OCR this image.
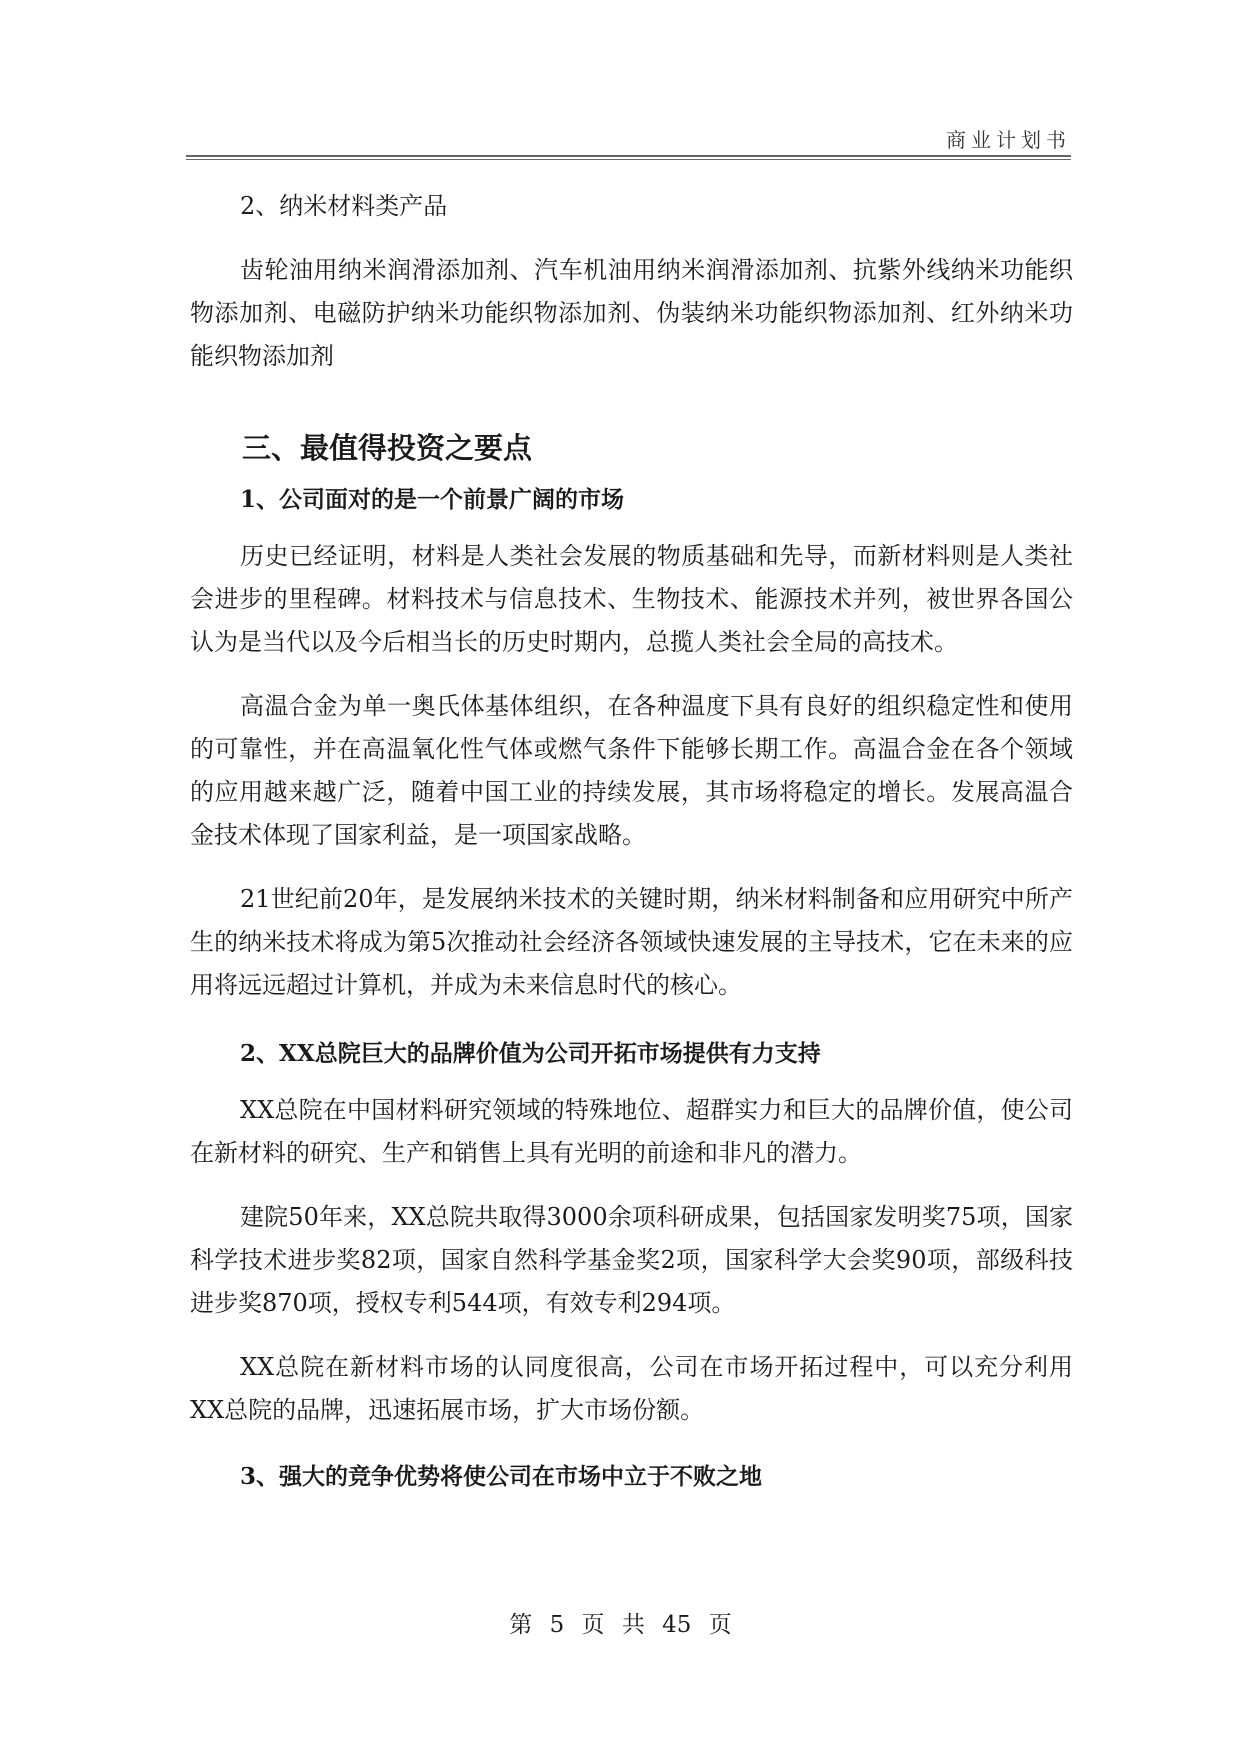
商业计划书

2、纳米材料类产品

齿轮油用纳米润滑添加剂、汽车机油用纳米润滑添加剂、抗紫外线纳米功能织物添加剂、电磁防护纳米功能织物添加剂、伪装纳米功能织物添加剂、红外纳米功能织物添加剂

三、最值得投资之要点
1、公司面对的是一个前景广阔的市场

历史已经证明，材料是人类社会发展的物质基础和先导，而新材料则是人类社会进步的里程碑。材料技术与信息技术、生物技术、能源技术并列，被世界各国公认为是当代以及今后相当长的历史时期内，总揽人类社会全局的高技术。

高温合金为单一奥氏体基体组织，在各种温度下具有良好的组织稳定性和使用的可靠性，并在高温氧化性气体或燃气条件下能够长期工作。高温合金在各个领域的应用越来越广泛，随着中国工业的持续发展，其市场将稳定的增长。发展高温合金技术体现了国家利益，是一项国家战略。

21世纪前20年，是发展纳米技术的关键时期，纳米材料制备和应用研究中所产生的纳米技术将成为第5次推动社会经济各领域快速发展的主导技术，它在未来的应用将远远超过计算机，并成为未来信息时代的核心。

2、XX总院巨大的品牌价值为公司开拓市场提供有力支持

XX总院在中国材料研究领域的特殊地位、超群实力和巨大的品牌价值，使公司在新材料的研究、生产和销售上具有光明的前途和非凡的潜力。

建院50年来，XX总院共取得3000余项科研成果，包括国家发明奖75项，国家科学技术进步奖82项，国家自然科学基金奖2项，国家科学大会奖90项，部级科技进步奖870项，授权专利544项，有效专利294项。

XX总院在新材料市场的认同度很高，公司在市场开拓过程中，可以充分利用XX总院的品牌，迅速拓展市场，扩大市场份额。

3、强大的竞争优势将使公司在市场中立于不败之地
第 5 页 共 45 页
